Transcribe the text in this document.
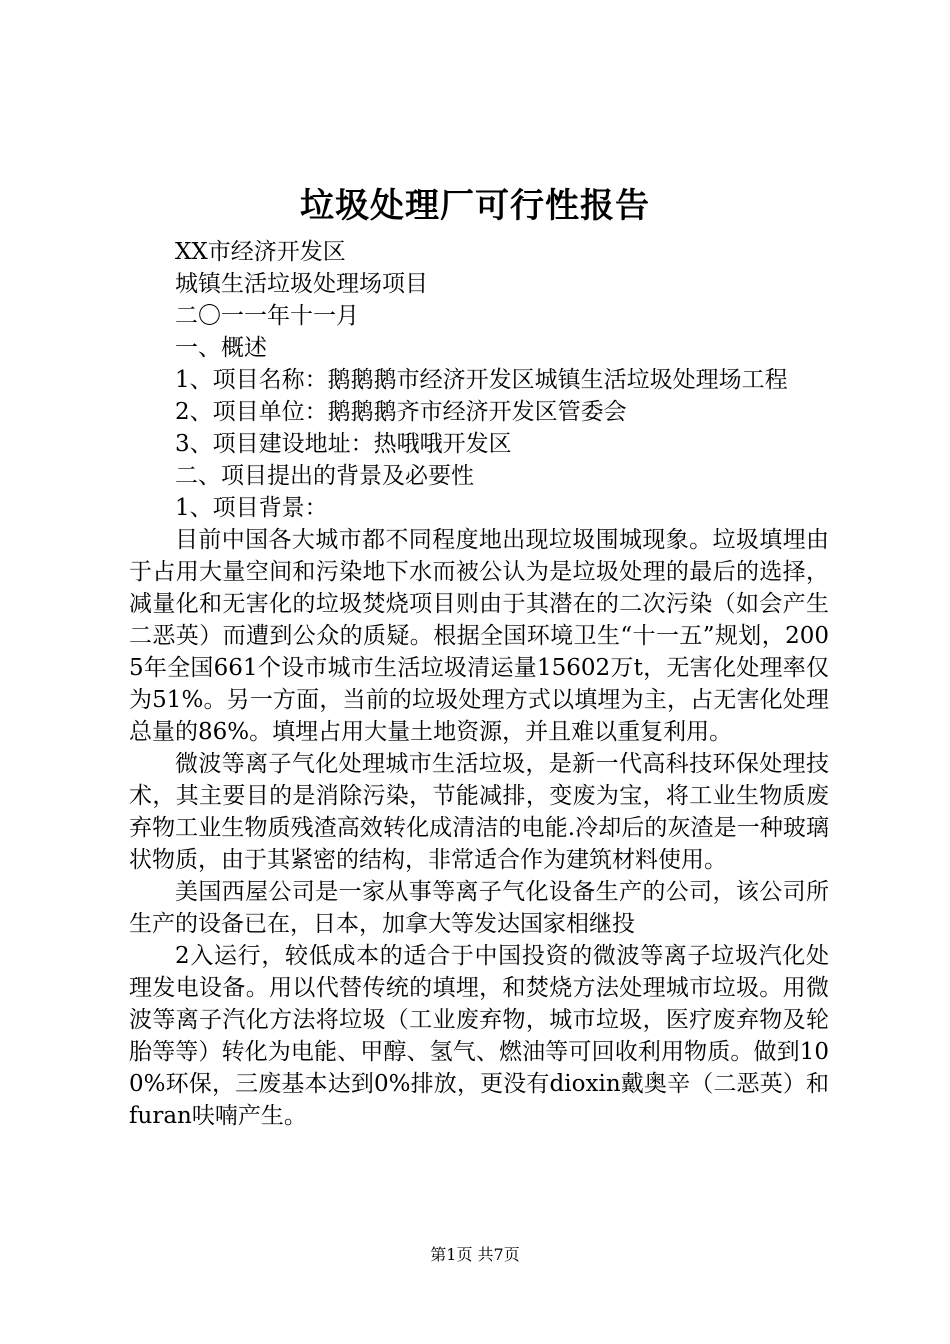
垃圾处理厂可行性报告

XX市经济开发区

城镇生活垃圾处理场项目

二〇一一年十一月

一、概述

1、项目名称：鹅鹅鹅市经济开发区城镇生活垃圾处理场工程

2、项目单位：鹅鹅鹅齐市经济开发区管委会

3、项目建设地址：热哦哦开发区

二、项目提出的背景及必要性

1、项目背景：

目前中国各大城市都不同程度地出现垃圾围城现象。垃圾填埋由于占用大量空间和污染地下水而被公认为是垃圾处理的最后的选择，减量化和无害化的垃圾焚烧项目则由于其潜在的二次污染（如会产生二恶英）而遭到公众的质疑。根据全国环境卫生“十一五”规划，2005年全国661个设市城市生活垃圾清运量15602万t，无害化处理率仅为51%。另一方面，当前的垃圾处理方式以填埋为主，占无害化处理总量的86%。填埋占用大量土地资源，并且难以重复利用。

微波等离子气化处理城市生活垃圾，是新一代高科技环保处理技术，其主要目的是消除污染，节能减排，变废为宝，将工业生物质废弃物工业生物质残渣高效转化成清洁的电能.冷却后的灰渣是一种玻璃状物质，由于其紧密的结构，非常适合作为建筑材料使用。

美国西屋公司是一家从事等离子气化设备生产的公司，该公司所生产的设备已在，日本，加拿大等发达国家相继投

2入运行，较低成本的适合于中国投资的微波等离子垃圾汽化处理发电设备。用以代替传统的填埋，和焚烧方法处理城市垃圾。用微波等离子汽化方法将垃圾（工业废弃物，城市垃圾，医疗废弃物及轮胎等等）转化为电能、甲醇、氢气、燃油等可回收利用物质。做到100%环保，三废基本达到0%排放，更没有dioxin戴奥辛（二恶英）和furan呋喃产生。

第1页 共7页
